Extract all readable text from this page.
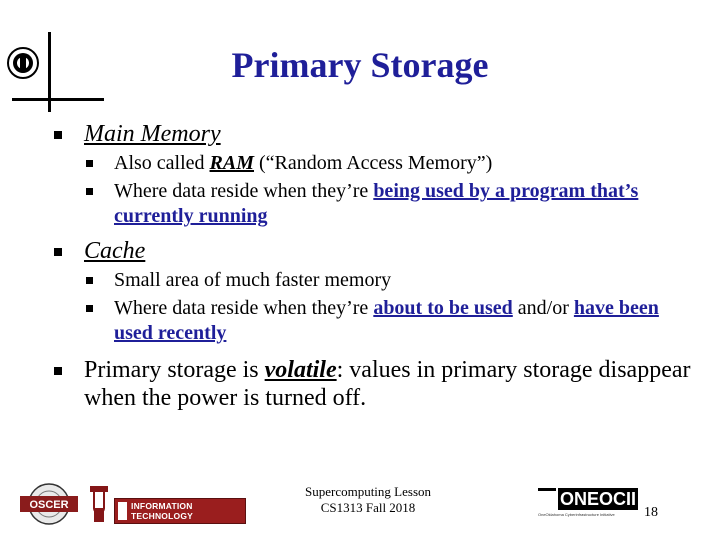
Primary Storage
Main Memory
Also called RAM (“Random Access Memory”)
Where data reside when they’re being used by a program that’s currently running
Cache
Small area of much faster memory
Where data reside when they’re about to be used and/or have been used recently
Primary storage is volatile: values in primary storage disappear when the power is turned off.
OSCER	INFORMATION TECHNOLOGY
Supercomputing Lesson
CS1313 Fall 2018	ONEOCII
OneOklahoma Cyberinfrastructure Initiative	18
